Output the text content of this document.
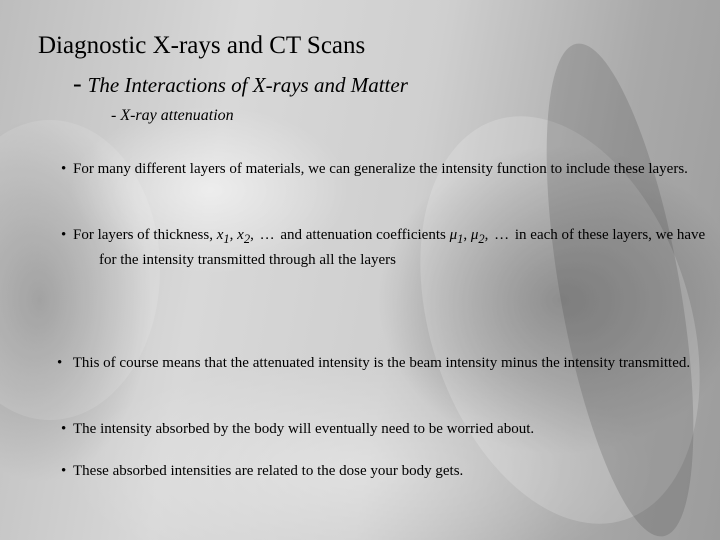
Diagnostic X-rays and CT Scans
- The Interactions of X-rays and Matter
- X-ray attenuation
• For many different layers of materials, we can generalize the intensity function to include these layers.
• For layers of thickness, $x_1$, $x_2$, … and attenuation coefficients $\mu_1$, $\mu_2$, … in each of these layers, we have for the intensity transmitted through all the layers
• This of course means that the attenuated intensity is the beam intensity minus the intensity transmitted.
• The intensity absorbed by the body will eventually need to be worried about.
• These absorbed intensities are related to the dose your body gets.
